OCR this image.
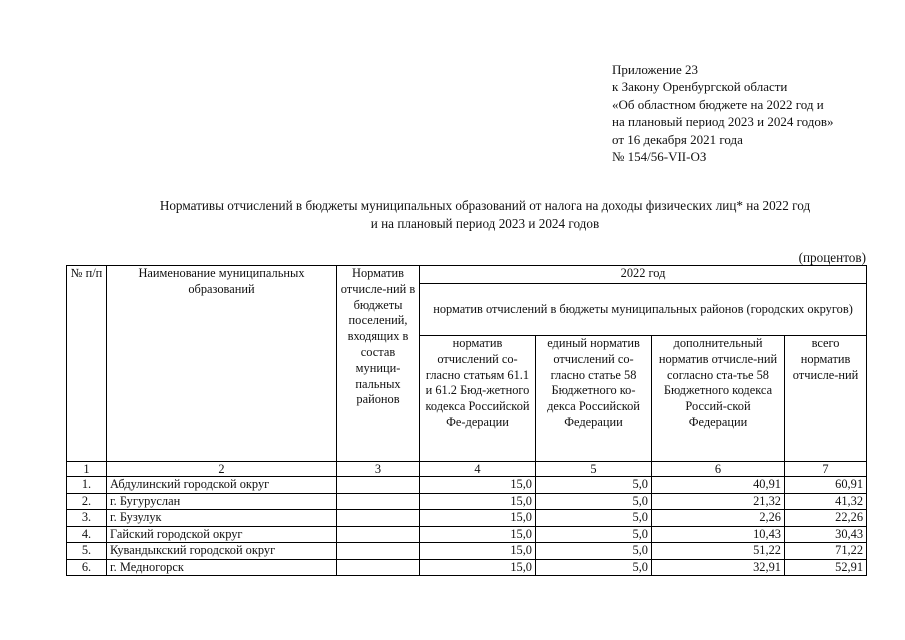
Приложение 23
к Закону Оренбургской области
«Об областном бюджете на 2022 год и
на плановый период 2023 и 2024 годов»
от 16 декабря 2021 года
№ 154/56-VII-ОЗ
Нормативы отчислений в бюджеты муниципальных образований от налога на доходы физических лиц* на 2022 год
и на плановый период 2023 и 2024 годов
(процентов)
№ п/п	Наименование муниципальных образований	Норматив отчисле-ний в бюджеты поселений, входящих в состав муници-пальных районов	2022 год			
			норматив отчислений в бюджеты муниципальных районов (городских округов)			
			норматив отчислений со-гласно статьям 61.1 и 61.2 Бюд-жетного кодекса Российской Фе-дерации	единый норматив отчислений со-гласно статье 58 Бюджетного ко-декса Российской Федерации	дополнительный норматив отчисле-ний согласно ста-тье 58 Бюджетного кодекса Россий-ской Федерации	всего норматив отчисле-ний
1	2	3	4	5	6	7
1.	Абдулинский городской округ		15,0	5,0	40,91	60,91
2.	г. Бугуруслан		15,0	5,0	21,32	41,32
3.	г. Бузулук		15,0	5,0	2,26	22,26
4.	Гайский городской округ		15,0	5,0	10,43	30,43
5.	Кувандыкский городской округ		15,0	5,0	51,22	71,22
6.	г. Медногорск		15,0	5,0	32,91	52,91
